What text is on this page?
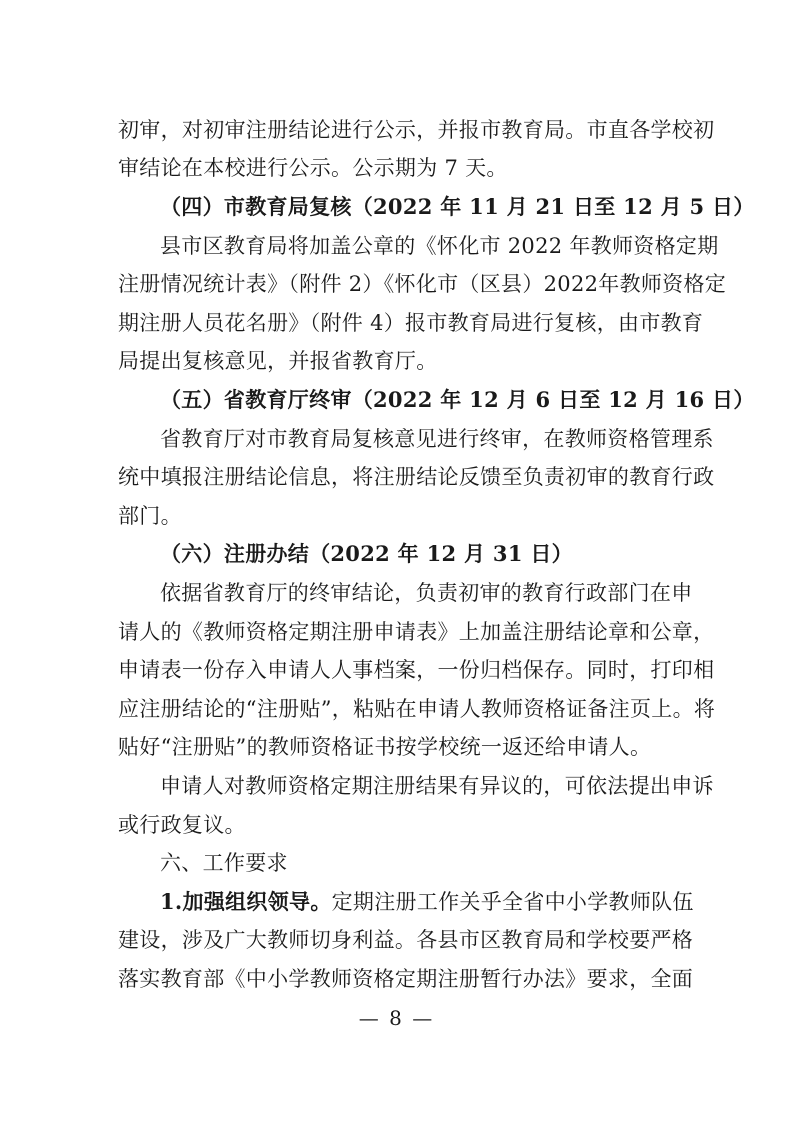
初审，对初审注册结论进行公示，并报市教育局。市直各学校初
审结论在本校进行公示。公示期为 7 天。
（四）市教育局复核（2022 年 11 月 21 日至 12 月 5 日）
县市区教育局将加盖公章的《怀化市 2022 年教师资格定期
注册情况统计表》（附件 2）《怀化市（区县）2022年教师资格定
期注册人员花名册》（附件 4）报市教育局进行复核，由市教育
局提出复核意见，并报省教育厅。
（五）省教育厅终审（2022 年 12 月 6 日至 12 月 16 日）
省教育厅对市教育局复核意见进行终审，在教师资格管理系
统中填报注册结论信息，将注册结论反馈至负责初审的教育行政
部门。
（六）注册办结（2022 年 12 月 31 日）
依据省教育厅的终审结论，负责初审的教育行政部门在申
请人的《教师资格定期注册申请表》上加盖注册结论章和公章，
申请表一份存入申请人人事档案，一份归档保存。同时，打印相
应注册结论的“注册贴”，粘贴在申请人教师资格证备注页上。将
贴好“注册贴”的教师资格证书按学校统一返还给申请人。
申请人对教师资格定期注册结果有异议的，可依法提出申诉
或行政复议。
六、工作要求
1.加强组织领导。定期注册工作关乎全省中小学教师队伍
建设，涉及广大教师切身利益。各县市区教育局和学校要严格
落实教育部《中小学教师资格定期注册暂行办法》要求，全面
— 8 —
